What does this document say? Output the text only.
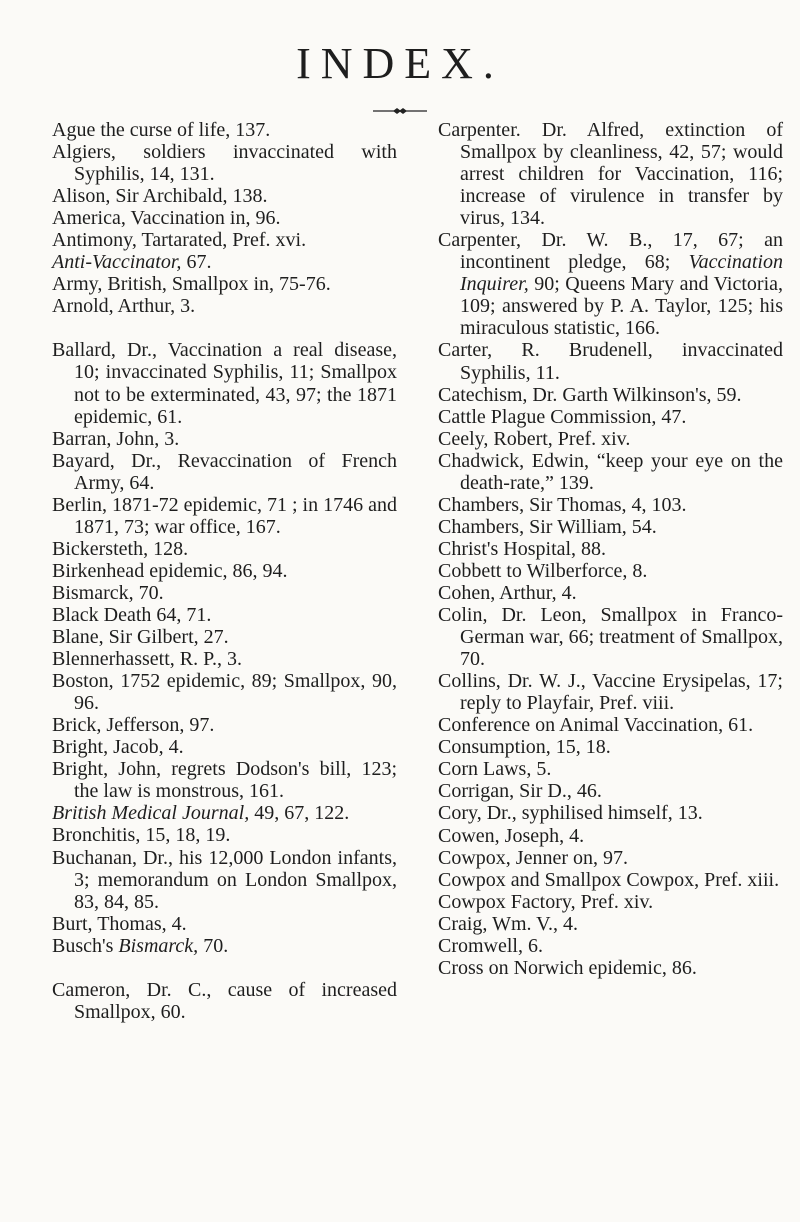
INDEX.
Ague the curse of life, 137.
Algiers, soldiers invaccinated with Syphilis, 14, 131.
Alison, Sir Archibald, 138.
America, Vaccination in, 96.
Antimony, Tartarated, Pref. xvi.
Anti-Vaccinator, 67.
Army, British, Smallpox in, 75-76.
Arnold, Arthur, 3.
Ballard, Dr., Vaccination a real disease, 10; invaccinated Syphilis, 11; Smallpox not to be exterminated, 43, 97; the 1871 epidemic, 61.
Barran, John, 3.
Bayard, Dr., Revaccination of French Army, 64.
Berlin, 1871-72 epidemic, 71 ; in 1746 and 1871, 73; war office, 167.
Bickersteth, 128.
Birkenhead epidemic, 86, 94.
Bismarck, 70.
Black Death 64, 71.
Blane, Sir Gilbert, 27.
Blennerhassett, R. P., 3.
Boston, 1752 epidemic, 89; Smallpox, 90, 96.
Brick, Jefferson, 97.
Bright, Jacob, 4.
Bright, John, regrets Dodson's bill, 123; the law is monstrous, 161.
British Medical Journal, 49, 67, 122.
Bronchitis, 15, 18, 19.
Buchanan, Dr., his 12,000 London infants, 3; memorandum on London Smallpox, 83, 84, 85.
Burt, Thomas, 4.
Busch's Bismarck, 70.
Cameron, Dr. C., cause of increased Smallpox, 60.
Carpenter. Dr. Alfred, extinction of Smallpox by cleanliness, 42, 57; would arrest children for Vaccination, 116; increase of virulence in transfer by virus, 134.
Carpenter, Dr. W. B., 17, 67; an incontinent pledge, 68; Vaccination Inquirer, 90; Queens Mary and Victoria, 109; answered by P. A. Taylor, 125; his miraculous statistic, 166.
Carter, R. Brudenell, invaccinated Syphilis, 11.
Catechism, Dr. Garth Wilkinson's, 59.
Cattle Plague Commission, 47.
Ceely, Robert, Pref. xiv.
Chadwick, Edwin, “keep your eye on the death-rate,” 139.
Chambers, Sir Thomas, 4, 103.
Chambers, Sir William, 54.
Christ's Hospital, 88.
Cobbett to Wilberforce, 8.
Cohen, Arthur, 4.
Colin, Dr. Leon, Smallpox in Franco-German war, 66; treatment of Smallpox, 70.
Collins, Dr. W. J., Vaccine Erysipelas, 17; reply to Playfair, Pref. viii.
Conference on Animal Vaccination, 61.
Consumption, 15, 18.
Corn Laws, 5.
Corrigan, Sir D., 46.
Cory, Dr., syphilised himself, 13.
Cowen, Joseph, 4.
Cowpox, Jenner on, 97.
Cowpox and Smallpox Cowpox, Pref. xiii.
Cowpox Factory, Pref. xiv.
Craig, Wm. V., 4.
Cromwell, 6.
Cross on Norwich epidemic, 86.
